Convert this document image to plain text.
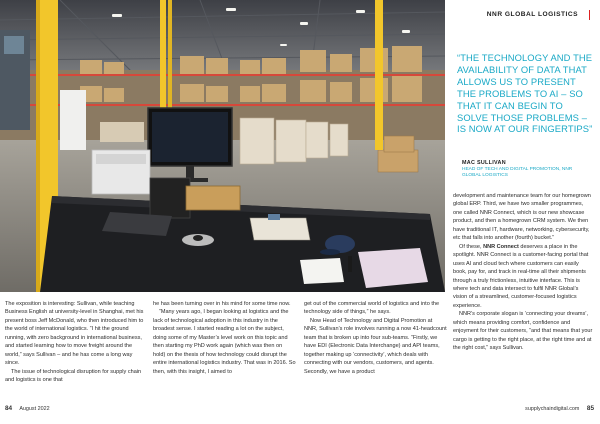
NNR GLOBAL LOGISTICS
“THE TECHNOLOGY AND THE AVAILABILITY OF DATA THAT ALLOWS US TO PRESENT THE PROBLEMS TO AI – SO THAT IT CAN BEGIN TO SOLVE THOSE PROBLEMS – IS NOW AT OUR FINGERTIPS”
MAC SULLIVAN
HEAD OF TECH AND DIGITAL PROMOTION, NNR GLOBAL LOGISTICS

The exposition is interesting: Sullivan, while teaching Business English at university-level in Shanghai, met his present boss Jeff McDonald, who then introduced him to the world of international logistics. “I hit the ground running, with zero background in international business, and started learning how to move freight around the world,” says Sullivan – and he has come a long way since.

The issue of technological disruption for supply chain and logistics is one that

he has been turning over in his mind for some time now.

“Many years ago, I began looking at logistics and the lack of technological adoption in this industry in the broadest sense. I started reading a lot on the subject, doing some of my Master’s level work on this topic and then starting my PhD work again (which was then on hold) on the thesis of how technology could disrupt the entire international logistics industry. That was in 2016. So then, with this insight, I aimed to

get out of the commercial world of logistics and into the technology side of things,” he says.

Now Head of Technology and Digital Promotion at NNR, Sullivan’s role involves running a now 41-headcount team that is broken up into four sub-teams. “Firstly, we have EDI (Electronic Data Interchange) and API teams, together making up ‘connectivity’, which deals with connecting with our vendors, customers, and agents. Secondly, we have a product

development and maintenance team for our homegrown global ERP. Third, we have two smaller programmes, one called NNR Connect, which is our new showcase product, and then a homegrown CRM system. We then have traditional IT, hardware, networking, cybersecurity, etc that falls into another (fourth) bucket.”

Of these, NNR Connect deserves a place in the spotlight. NNR Connect is a customer-facing portal that uses AI and cloud tech where customers can easily book, pay for, and track in real-time all their shipments through a truly frictionless, intuitive interface. This is where tech and data intersect to fulfil NNR Global’s vision of a streamlined, customer-focused logistics experience.

NNR’s corporate slogan is ‘connecting your dreams’, which means providing comfort, confidence and enjoyment for their customers, “and that means that your cargo is getting to the right place, at the right time and at the right cost,” says Sullivan.

84 August 2022	supplychaindigital.com 85
